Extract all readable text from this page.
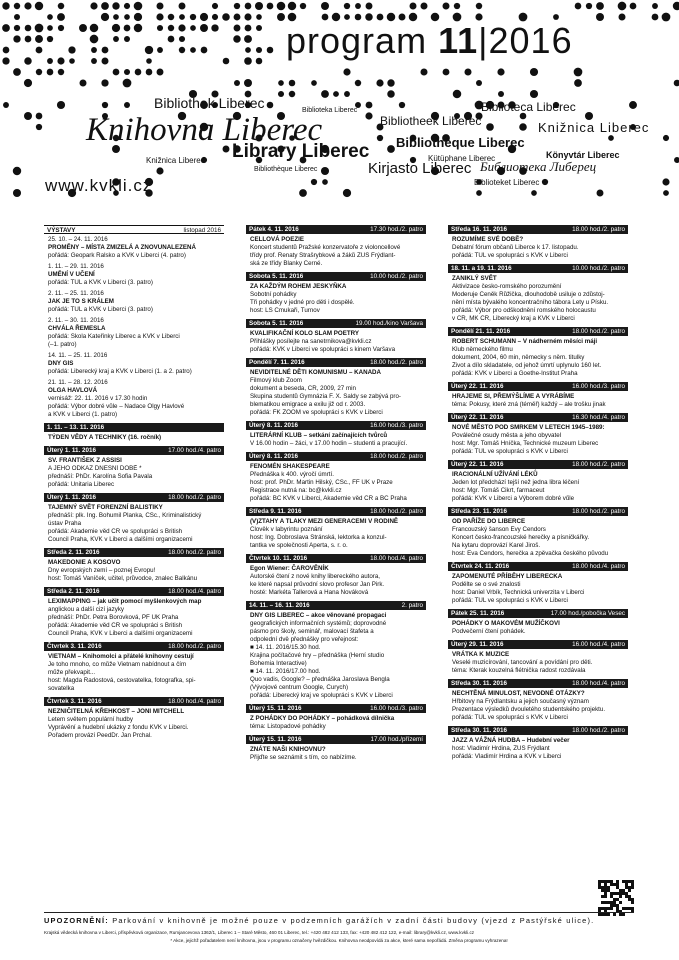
program 11|2016
Bibliothek Liberec	Biblioteka Liberec
Bibliotheek Liberec
Knihovna Liberec
Biblioteca Liberec
Knižnica Liberec
Library Liberec Bibliothèque Liberec
Kirjasto Liberec
Könyvtár Liberec
Библиотека Либерец
Knižnica Liberec
Bibliothèque Liberec
Kütüphane Liberec
Biblioteket Liberec
www.kvkli.cz
VÝSTAVY	listopad 2016
25. 10. – 24. 11. 2016
PROMĚNY – MÍSTA ZMIZELÁ A ZNOVUNALEZENÁ
pořádá: Geopark Ralsko a KVK v Liberci (4. patro)
1. 11. – 29. 11. 2016
UMĚNÍ V UČENÍ
pořádá: TUL a KVK v Liberci (3. patro)
2. 11. – 25. 11. 2016
JAK JE TO S KRÁLEM
pořádá: TUL a KVK v Liberci (3. patro)
2. 11. – 30. 11. 2016
CHVÁLA ŘEMESLA
pořádá: Škola Kateřinky Liberec a KVK v Liberci
(–1. patro)
14. 11. – 25. 11. 2016
DNY GIS
pořádá: Liberecký kraj a KVK v Liberci (1. a 2. patro)
21. 11. – 28. 12. 2016
OLGA HAVLOVÁ
vernisáž: 22. 11. 2016 v 17.30 hodin
pořádá: Výbor dobré vůle – Nadace Olgy Havlové
a KVK v Liberci (1. patro)
1. 11. – 13. 11. 2016
TÝDEN VĚDY A TECHNIKY (16. ročník)
Úterý 1. 11. 2016	17.00 hod./4. patro
SV. FRANTIŠEK Z ASSISI
A JEHO ODKAZ DNEŠNÍ DOBĚ *
přednáší: PhDr. Karolína Sofia Pavala
pořádá: Unitaria Liberec
Úterý 1. 11. 2016	18.00 hod./2. patro
TAJEMNÝ SVĚT FORENZNÍ BALISTIKY
přednáší: plk. Ing. Bohumil Planka, CSc., Kriminalistický
ústav Praha
pořádá: Akademie věd ČR ve spolupráci s British
Council Praha, KVK v Liberci a dalšími organizacemi
Středa 2. 11. 2016	18.00 hod./2. patro
MAKEDONIE A KOSOVO
Dny evropských zemí – poznej Evropu!
host: Tomáš Vaníček, učitel, průvodce, znalec Balkánu
Středa 2. 11. 2016	18.00 hod./4. patro
LEXIMAPPING – jak učit pomocí myšlenkových map
anglickou a další cizí jazyky
přednáší: PhDr. Petra Borovková, PF UK Praha
pořádá: Akademie věd ČR ve spolupráci s British
Council Praha, KVK v Liberci a dalšími organizacemi
Čtvrtek 3. 11. 2016	18.00 hod./2. patro
VIETNAM – Knihomolci a přátelé knihovny cestují
Je toho mnoho, co může Vietnam nabídnout a čím
může překvapit...
host: Magda Radostová, cestovatelka, fotografka, spi-
sovatelka
Čtvrtek 3. 11. 2016	18.00 hod./4. patro
NEZNIČITELNÁ KŘEHKOST – JONI MITCHELL
Letem světem populární hudby
Vyprávění a hudební ukázky z fondu KVK v Liberci.
Pořadem provází PeedDr. Jan Prchal.
Pátek 4. 11. 2016	17.30 hod./2. patro
CELLOVÁ POEZIE
Koncert studentů Pražské konzervatoře z violoncellové
třídy prof. Renaty Strašrybkové a žáků ZUŠ Frýdlant-
ská ze třídy Blanky Černé.
Sobota 5. 11. 2016	10.00 hod./2. patro
ZA KAŽDÝM ROHEM JESKYŇKA
Sobotní pohádky
Tři pohádky v jedné pro děti i dospělé.
host: LS Čmukaři, Turnov
Sobota 5. 11. 2016	19.00 hod./kino Varšava
KVALIFIKAČNÍ KOLO SLAM POETRY
Přihlášky posílejte na sanetrnikova@kvkli.cz
pořádá: KVK v Liberci ve spolupráci s kinem Varšava
Pondělí 7. 11. 2016	18.00 hod./2. patro
NEVIDITELNÉ DĚTI KOMUNISMU – KANADA
Filmový klub Zoom
dokument a beseda, ČR, 2009, 27 min
Skupina studentů Gymnázia F. X. Šaldy se zabývá pro-
blematikou emigrace a exilu již od r. 2003.
pořádá: FK ZOOM ve spolupráci s KVK v Liberci
Úterý 8. 11. 2016	16.00 hod./3. patro
LITERÁRNÍ KLUB – setkání začínajících tvůrců
V 16.00 hodin – žáci, v 17.00 hodin – studenti a pracující.
Úterý 8. 11. 2016	18.00 hod./2. patro
FENOMÉN SHAKESPEARE
Přednáška k 400. výročí úmrtí.
host: prof. PhDr. Martin Hilský, CSc., FF UK v Praze
Registrace nutná na: bc@kvkli.cz
pořádá: BC KVK v Liberci, Akademie věd ČR a BC Praha
Středa 9. 11. 2016	18.00 hod./2. patro
(V)ZTAHY A TLAKY MEZI GENERACEMI V RODINĚ
Člověk v labyrintu poznání
host: Ing. Dobroslava Stránská, lektorka a konzul-
tantka ve společnosti Aperta, s. r. o.
Čtvrtek 10. 11. 2016	18.00 hod./4. patro
Egon Wiener: ČAROVĚNÍK
Autorské čtení z nové knihy libereckého autora,
ke které napsal průvodní slovo profesor Jan Pirk.
hosté: Markéta Tallerová a Hana Nováková
14. 11. – 16. 11. 2016	2. patro
DNY GIS LIBEREC – akce věnované propagaci
geografických informačních systémů; doprovodné
pásmo pro školy, seminář, malovací štafeta a
odpolední dvě přednášky pro veřejnost:
■ 14. 11. 2016/15.30 hod.
Krajina počítačové hry – přednáška (Herní studio
Bohemia Interactive)
■ 14. 11. 2016/17.00 hod.
Quo vadis, Google? – přednáška Jaroslava Bengla
(Vývojové centrum Google, Curych)
pořádá: Liberecký kraj ve spolupráci s KVK v Liberci
Úterý 15. 11. 2016	16.00 hod./3. patro
Z POHÁDKY DO POHÁDKY – pohádková dílnička
téma: Listopadové pohádky
Úterý 15. 11. 2016	17.00 hod./přízemí
ZNÁTE NAŠI KNIHOVNU?
Přijďte se seznámit s tím, co nabízíme.
Středa 16. 11. 2016	18.00 hod./2. patro
ROZUMÍME SVÉ DOBĚ?
Debatní fórum občanů Liberce k 17. listopadu.
pořádá: TUL ve spolupráci s KVK v Liberci
18. 11. a 19. 11. 2016	10.00 hod./2. patro
ZANIKLÝ SVĚT
Aktivizace česko-romského porozumění
Moderuje Čeněk Růžička, dlouhodobě usiluje o zdůstoj-
nění místa bývalého koncentračního tábora Lety u Písku.
pořádá: Výbor pro odškodnění romského holocaustu
v ČR, MK ČR, Liberecký kraj a KVK v Liberci
Pondělí 21. 11. 2016	18.00 hod./2. patro
ROBERT SCHUMANN – V nádherném měsíci máji
Klub německého filmu
dokument, 2004, 60 min, německy s něm. titulky
Život a dílo skladatele, od jehož úmrtí uplynulo 160 let.
pořádá: KVK v Liberci a Goethe-Institut Praha
Úterý 22. 11. 2016	16.00 hod./3. patro
HRAJEME SI, PŘEMÝŠLÍME A VYRÁBÍME
téma: Pokusy, které zná (téměř) každý – ale trošku jinak
Úterý 22. 11. 2016	16.30 hod./4. patro
NOVÉ MĚSTO POD SMRKEM V LETECH 1945–1989:
Poválečné osudy města a jeho obyvatel
host: Mgr. Tomáš Hníčka, Technické muzeum Liberec
pořádá: TUL ve spolupráci s KVK v Liberci
Úterý 22. 11. 2016	18.00 hod./2. patro
IRACIONÁLNÍ UŽÍVÁNÍ LÉKŮ
Jeden lot předchází tejší než jedna libra léčení
host: Mgr. Tomáš Cikrt, farmaceut
pořádá: KVK v Liberci a Výborem dobré vůle
Středa 23. 11. 2016	18.00 hod./2. patro
OD PAŘÍŽE DO LIBERCE
Francouzský šanson Evy Cendors
Koncert česko-francouzské herečky a písničkářky.
Na kytaru doprovází Karel Jiroš.
host: Eva Cendors, herečka a zpěvačka českého původu
Čtvrtek 24. 11. 2016	18.00 hod./4. patro
ZAPOMENUTÉ PŘÍBĚHY LIBERECKA
Podělte se o své znalosti
host: Daniel Vrbík, Technická univerzita v Liberci
pořádá: TUL ve spolupráci s KVK v Liberci
Pátek 25. 11. 2016	17.00 hod./pobočka Vesec
POHÁDKY O MAKOVÉM MUŽÍČKOVI
Podvečerní čtení pohádek.
Úterý 29. 11. 2016	16.00 hod./4. patro
VRÁTKA K MUZICE
Veselé muzicírování, tancování a povídání pro děti.
téma: Kterak kouzelná flétnička radost rozdávala
Středa 30. 11. 2016	18.00 hod./4. patro
NECHTĚNÁ MINULOST, NEVODNÉ OTÁZKY?
Hřbitovy na Frýdlantsku a jejich současný význam
Prezentace výsledků dvouletého studentského projektu.
pořádá: TUL ve spolupráci s KVK v Liberci
Středa 30. 11. 2016	18.00 hod./2. patro
JAZZ A VÁŽNÁ HUDBA – Hudební večer
host: Vladimír Hrdina, ZUŠ Frýdlant
pořádá: Vladimír Hrdina a KVK v Liberci
UPOZORNĚNÍ: Parkování v knihovně je možné pouze v podzemních garážích v zadní části budovy (vjezd z Pastýřské ulice).
Krajská vědecká knihovna v Liberci, příspěvková organizace, Rumjancevova 1362/1, Liberec 1 – Staré Město, 460 01 Liberec, tel.: +420 482 412 133, fax: +420 482 412 122, e-mail: library@kvkli.cz, www.kvkli.cz
* Akce, jejichž pořadatelem není knihovna, jsou v programu označeny hvězdičkou. Knihovna neodpovídá za akce, které sama nepořádá. Změna programu vyhrazena!
